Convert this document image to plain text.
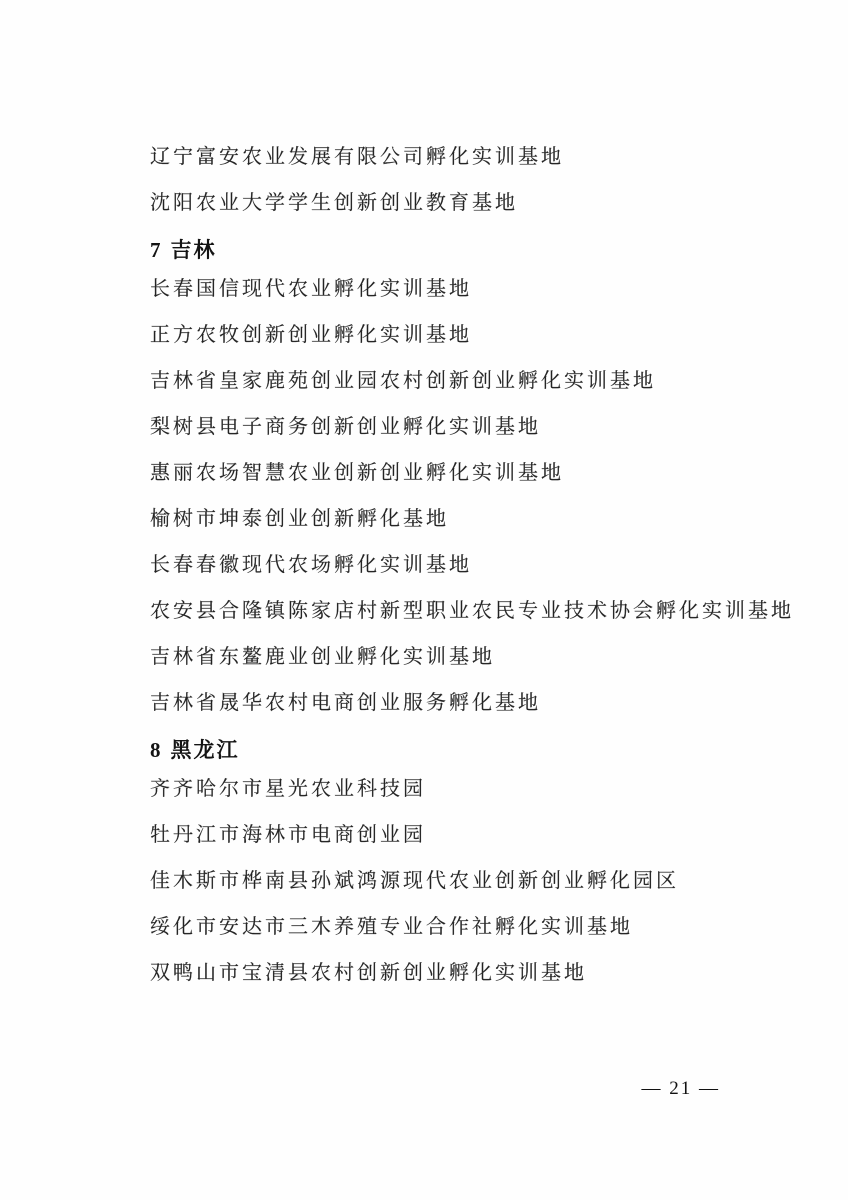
辽宁富安农业发展有限公司孵化实训基地

沈阳农业大学学生创新创业教育基地

7 吉林

长春国信现代农业孵化实训基地

正方农牧创新创业孵化实训基地

吉林省皇家鹿苑创业园农村创新创业孵化实训基地

梨树县电子商务创新创业孵化实训基地

惠丽农场智慧农业创新创业孵化实训基地

榆树市坤泰创业创新孵化基地

长春春徽现代农场孵化实训基地

农安县合隆镇陈家店村新型职业农民专业技术协会孵化实训基地

吉林省东鳌鹿业创业孵化实训基地

吉林省晟华农村电商创业服务孵化基地

8 黑龙江

齐齐哈尔市星光农业科技园

牡丹江市海林市电商创业园

佳木斯市桦南县孙斌鸿源现代农业创新创业孵化园区

绥化市安达市三木养殖专业合作社孵化实训基地

双鸭山市宝清县农村创新创业孵化实训基地

— 21 —
